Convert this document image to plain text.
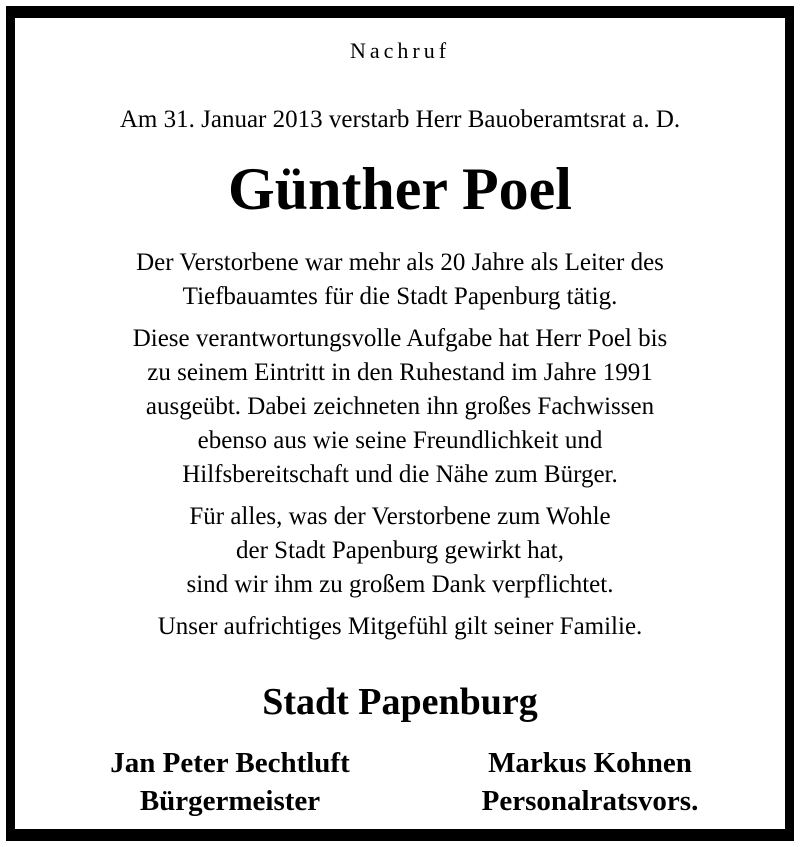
Nachruf
Am 31. Januar 2013 verstarb Herr Bauoberamtsrat a. D.
Günther Poel

Der Verstorbene war mehr als 20 Jahre als Leiter des
Tiefbauamtes für die Stadt Papenburg tätig.

Diese verantwortungsvolle Aufgabe hat Herr Poel bis
zu seinem Eintritt in den Ruhestand im Jahre 1991
ausgeübt. Dabei zeichneten ihn großes Fachwissen
ebenso aus wie seine Freundlichkeit und
Hilfsbereitschaft und die Nähe zum Bürger.

Für alles, was der Verstorbene zum Wohle
der Stadt Papenburg gewirkt hat,
sind wir ihm zu großem Dank verpflichtet.

Unser aufrichtiges Mitgefühl gilt seiner Familie.

Stadt Papenburg
Jan Peter Bechtluft
Bürgermeister
Markus Kohnen
Personalratsvors.
